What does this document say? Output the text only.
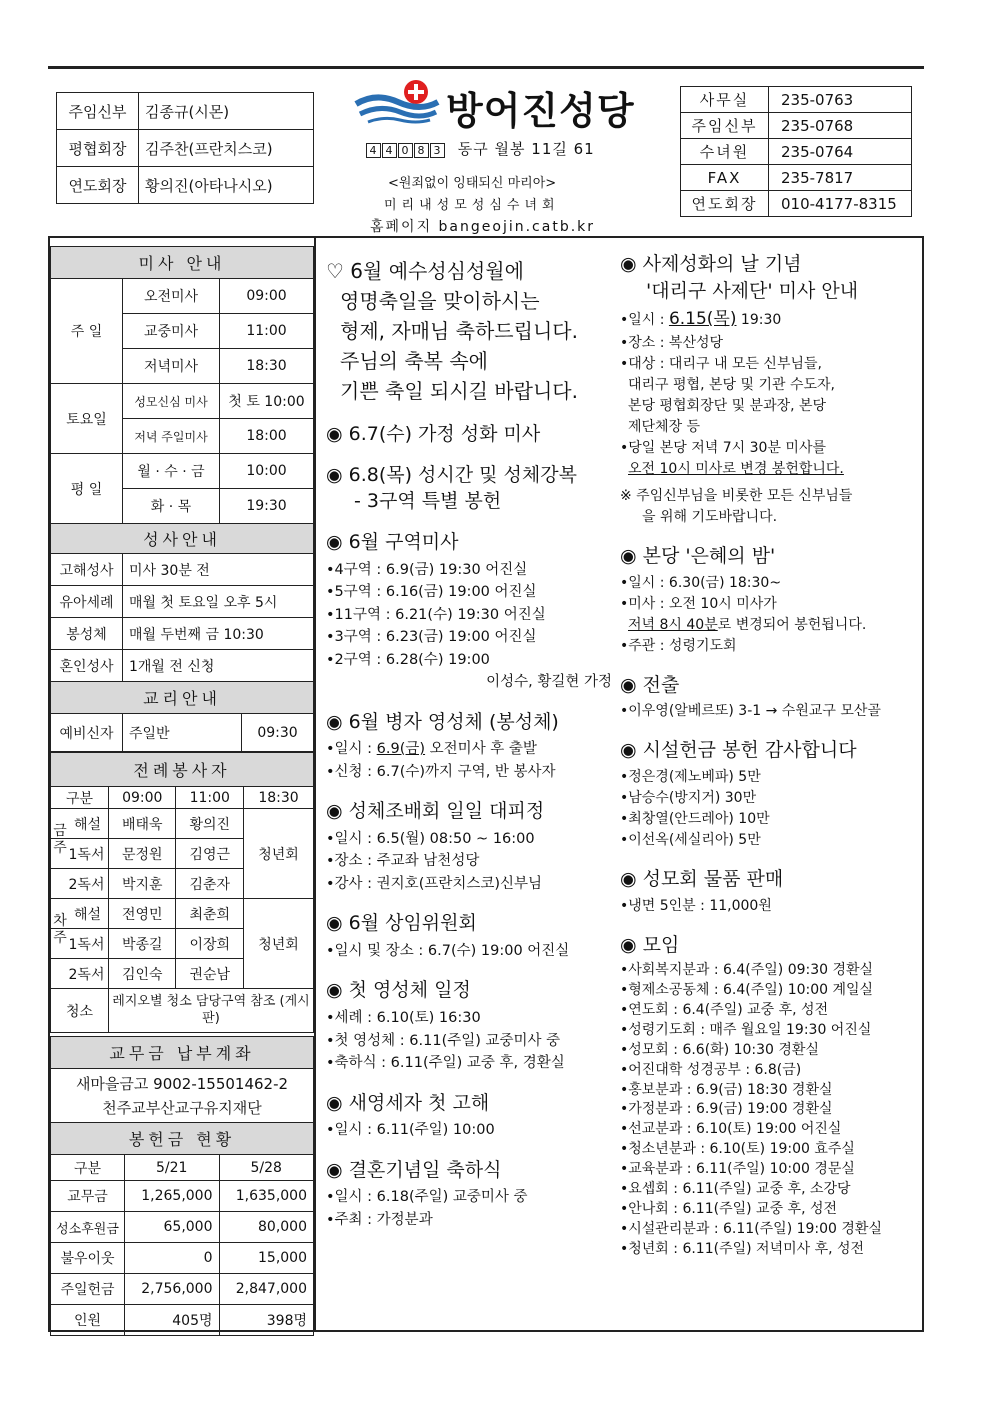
주임신부	김종규(시몬)
평협회장	김주찬(프란치스코)
연도회장	황의진(아타나시오)
방어진성당
4 4 0 8 3 동구 월봉 11길 61
<원죄없이 잉태되신 마리아>
미리내성모성심수녀회
홈페이지 bangeojin.catb.kr
사무실	235-0763
주임신부	235-0768
수녀원	235-0764
FAX	235-7817
연도회장	010-4177-8315
미사 안내		
주 일	오전미사	09:00
	교중미사	11:00
	저녁미사	18:30
토요일	성모신심 미사	첫 토 10:00
	저녁 주일미사	18:00
평 일	월 · 수 · 금	10:00
	화 · 목	19:30
성사안내	
고해성사	미사 30분 전
유아세례	매월 첫 토요일 오후 5시
봉성체	매월 두번째 금 10:30
혼인성사	1개월 전 신청
교리안내
예비신자	주일반	09:30
전례봉사자			
구분	09:00	11:00	18:30

금주
해설	배태욱	황의진	청년회
1독서	문정원	김영근	
2독서	박지훈	김춘자	

차주
해설	전영민	최춘희	청년회
1독서	박종길	이장희	
2독서	김인숙	권순남	
청소	레지오별 청소 담당구역 참조 (게시판)		
교무금 납부계좌

새마을금고 9002-15501462-2
천주교부산교구유지재단
봉헌금 현황		
구분	5/21	5/28
교무금	1,265,000	1,635,000
성소후원금	65,000	80,000
불우이웃	0	15,000
주일헌금	2,756,000	2,847,000
인원	405명	398명
♡ 6월 예수성심성월에
영명축일을 맞이하시는
형제, 자매님 축하드립니다.
주님의 축복 속에
기쁜 축일 되시길 바랍니다.
◉ 6.7(수) 가정 성화 미사
◉ 6.8(목) 성시간 및 성체강복
- 3구역 특별 봉헌
◉ 6월 구역미사
•4구역 : 6.9(금) 19:30 어진실
•5구역 : 6.16(금) 19:00 어진실
•11구역 : 6.21(수) 19:30 어진실
•3구역 : 6.23(금) 19:00 어진실
•2구역 : 6.28(수) 19:00
이성수, 황길현 가정
◉ 6월 병자 영성체 (봉성체)
•일시 : 6.9(금) 오전미사 후 출발
•신청 : 6.7(수)까지 구역, 반 봉사자
◉ 성체조배회 일일 대피정
•일시 : 6.5(월) 08:50 ~ 16:00
•장소 : 주교좌 남천성당
•강사 : 권지호(프란치스코)신부님
◉ 6월 상임위원회
•일시 및 장소 : 6.7(수) 19:00 어진실
◉ 첫 영성체 일정
•세례 : 6.10(토) 16:30
•첫 영성체 : 6.11(주일) 교중미사 중
•축하식 : 6.11(주일) 교중 후, 경환실
◉ 새영세자 첫 고해
•일시 : 6.11(주일) 10:00
◉ 결혼기념일 축하식
•일시 : 6.18(주일) 교중미사 중
•주최 : 가정분과
◉ 사제성화의 날 기념
'대리구 사제단' 미사 안내
•일시 : 6.15(목) 19:30
•장소 : 복산성당
•대상 : 대리구 내 모든 신부님들,
대리구 평협, 본당 및 기관 수도자,
본당 평협회장단 및 분과장, 본당
제단체장 등
•당일 본당 저녁 7시 30분 미사를
오전 10시 미사로 변경 봉헌합니다.
※ 주임신부님을 비롯한 모든 신부님들
을 위해 기도바랍니다.
◉ 본당 '은혜의 밤'
•일시 : 6.30(금) 18:30~
•미사 : 오전 10시 미사가
저녁 8시 40분로 변경되어 봉헌됩니다.
•주관 : 성령기도회
◉ 전출
•이우영(알베르또) 3-1 → 수원교구 모산골
◉ 시설헌금 봉헌 감사합니다
•정은경(제노베파) 5만
•남승수(방지거) 30만
•최창열(안드레아) 10만
•이선옥(세실리아) 5만
◉ 성모회 물품 판매
•냉면 5인분 : 11,000원
◉ 모임
•사회복지분과 : 6.4(주일) 09:30 경환실
•형제소공동체 : 6.4(주일) 10:00 계일실
•연도회 : 6.4(주일) 교중 후, 성전
•성령기도회 : 매주 월요일 19:30 어진실
•성모회 : 6.6(화) 10:30 경환실
•어진대학 성경공부 : 6.8(금)
•홍보분과 : 6.9(금) 18:30 경환실
•가정분과 : 6.9(금) 19:00 경환실
•선교분과 : 6.10(토) 19:00 어진실
•청소년분과 : 6.10(토) 19:00 효주실
•교육분과 : 6.11(주일) 10:00 경문실
•요셉회 : 6.11(주일) 교중 후, 소강당
•안나회 : 6.11(주일) 교중 후, 성전
•시설관리분과 : 6.11(주일) 19:00 경환실
•청년회 : 6.11(주일) 저녁미사 후, 성전
